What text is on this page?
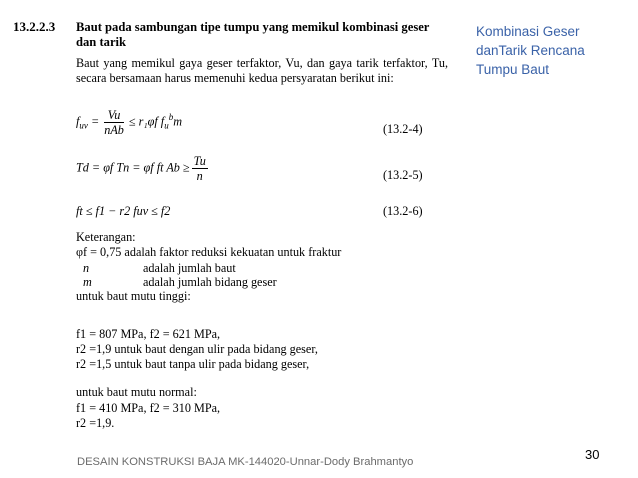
13.2.2.3 Baut pada sambungan tipe tumpu yang memikul kombinasi geser dan tarik
Baut yang memikul gaya geser terfaktor, Vu, dan gaya tarik terfaktor, Tu, secara bersamaan harus memenuhi kedua persyaratan berikut ini:
$f_{uv} = \frac{Vu}{\text{nAb}} \le r_1\varphi f$ $f_u^bm$
(13.2-4)
Td = φf Tn = φf ft $Ab \ge \frac{Tu}{n}$	(13.2-5)
ft ≤ f1 − r2 fuv ≤ f2	(13.2-6)
Keterangan:
φf = 0,75 adalah faktor reduksi kekuatan untuk fraktur
n	adalah jumlah baut
m	adalah jumlah bidang geser
untuk baut mutu tinggi:
f1 = 807 MPa, f2 = 621 MPa,
r2 =1,9 untuk baut dengan ulir pada bidang geser,
r2 =1,5 untuk baut tanpa ulir pada bidang geser,
untuk baut mutu normal:
f1 = 410 MPa, f2 = 310 MPa,
r2 =1,9.
Kombinasi Geser
danTarik Rencana
Tumpu Baut
DESAIN KONSTRUKSI BAJA MK-144020-Unnar-Dody Brahmantyo	30
